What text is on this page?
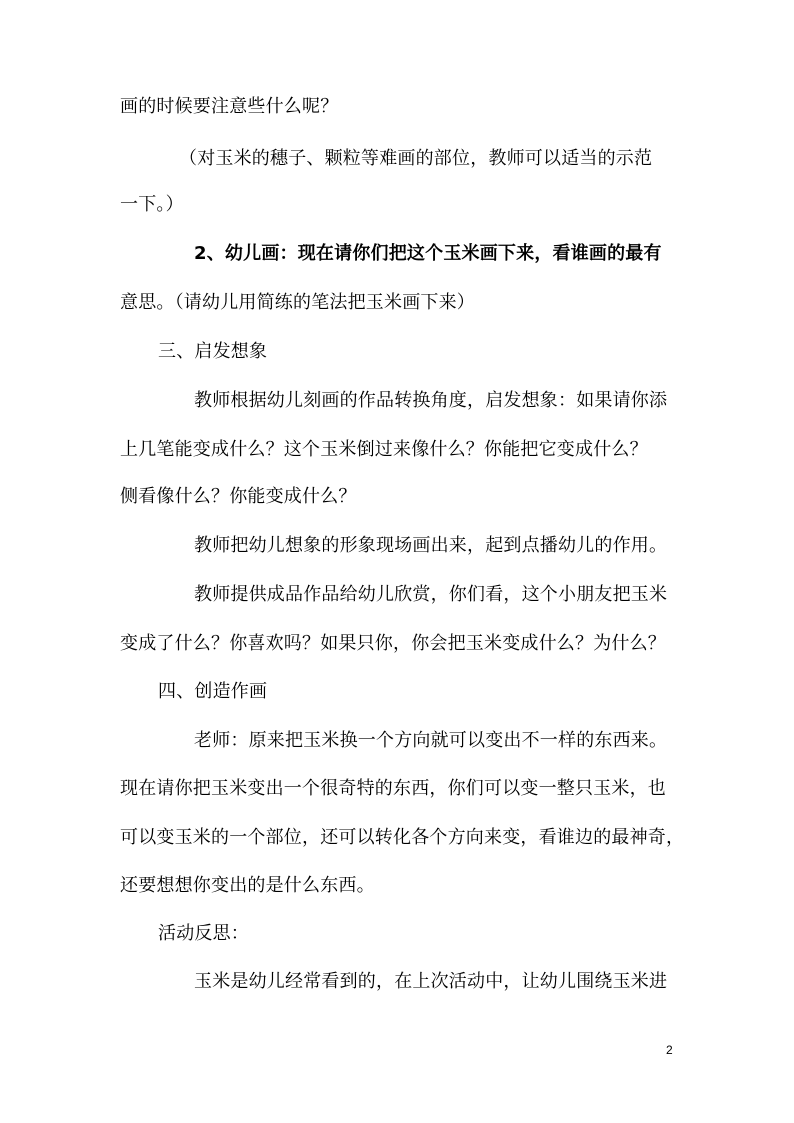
画的时候要注意些什么呢？
（对玉米的穗子、颗粒等难画的部位，教师可以适当的示范
一下。）
2、幼儿画：现在请你们把这个玉米画下来，看谁画的最有
意思。（请幼儿用简练的笔法把玉米画下来）
三、启发想象
教师根据幼儿刻画的作品转换角度，启发想象：如果请你添
上几笔能变成什么？这个玉米倒过来像什么？你能把它变成什么？
侧看像什么？你能变成什么？
教师把幼儿想象的形象现场画出来，起到点播幼儿的作用。
教师提供成品作品给幼儿欣赏，你们看，这个小朋友把玉米
变成了什么？你喜欢吗？如果只你，你会把玉米变成什么？为什么？
四、创造作画
老师：原来把玉米换一个方向就可以变出不一样的东西来。
现在请你把玉米变出一个很奇特的东西，你们可以变一整只玉米，也
可以变玉米的一个部位，还可以转化各个方向来变，看谁边的最神奇，
还要想想你变出的是什么东西。
活动反思：
玉米是幼儿经常看到的，在上次活动中，让幼儿围绕玉米进
2
